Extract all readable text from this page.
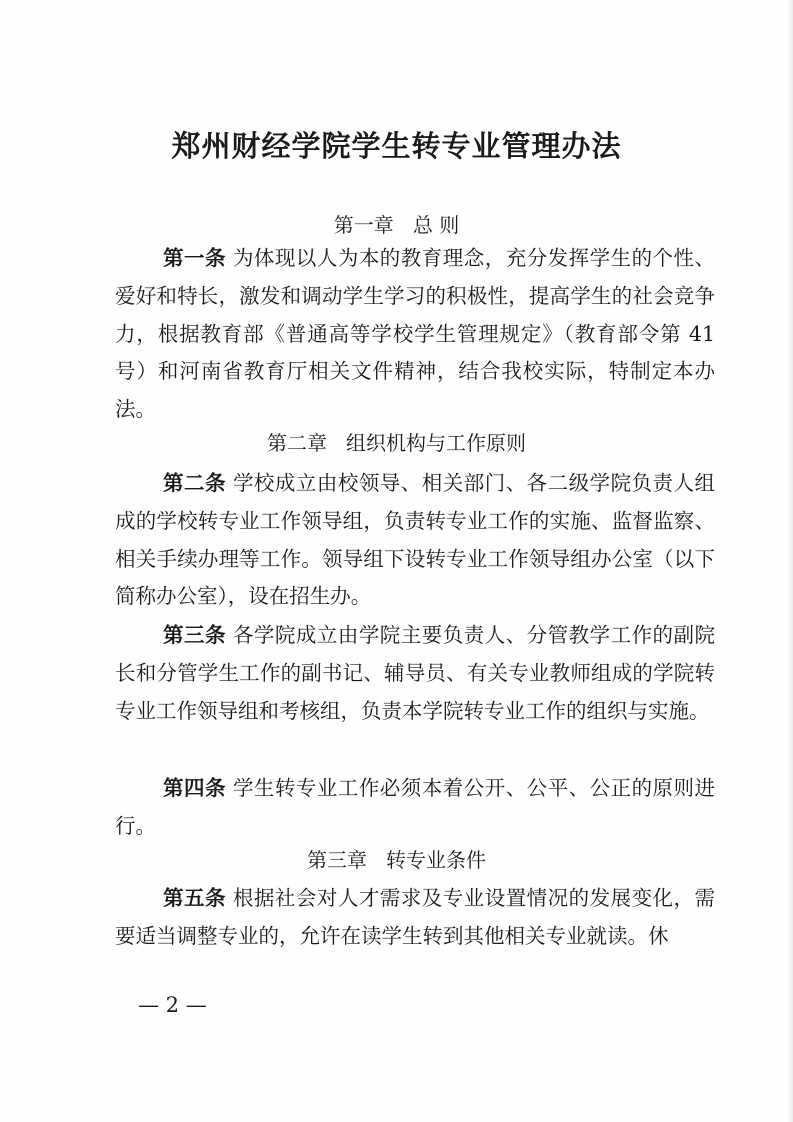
郑州财经学院学生转专业管理办法
第一章   总 则

第一条 为体现以人为本的教育理念，充分发挥学生的个性、爱好和特长，激发和调动学生学习的积极性，提高学生的社会竞争力，根据教育部《普通高等学校学生管理规定》（教育部令第 41 号）和河南省教育厅相关文件精神，结合我校实际，特制定本办法。

第二章   组织机构与工作原则

第二条 学校成立由校领导、相关部门、各二级学院负责人组成的学校转专业工作领导组，负责转专业工作的实施、监督监察、相关手续办理等工作。领导组下设转专业工作领导组办公室（以下简称办公室），设在招生办。

第三条 各学院成立由学院主要负责人、分管教学工作的副院长和分管学生工作的副书记、辅导员、有关专业教师组成的学院转专业工作领导组和考核组，负责本学院转专业工作的组织与实施。

第四条 学生转专业工作必须本着公开、公平、公正的原则进行。

第三章   转专业条件

第五条 根据社会对人才需求及专业设置情况的发展变化，需要适当调整专业的，允许在读学生转到其他相关专业就读。休

— 2 —
